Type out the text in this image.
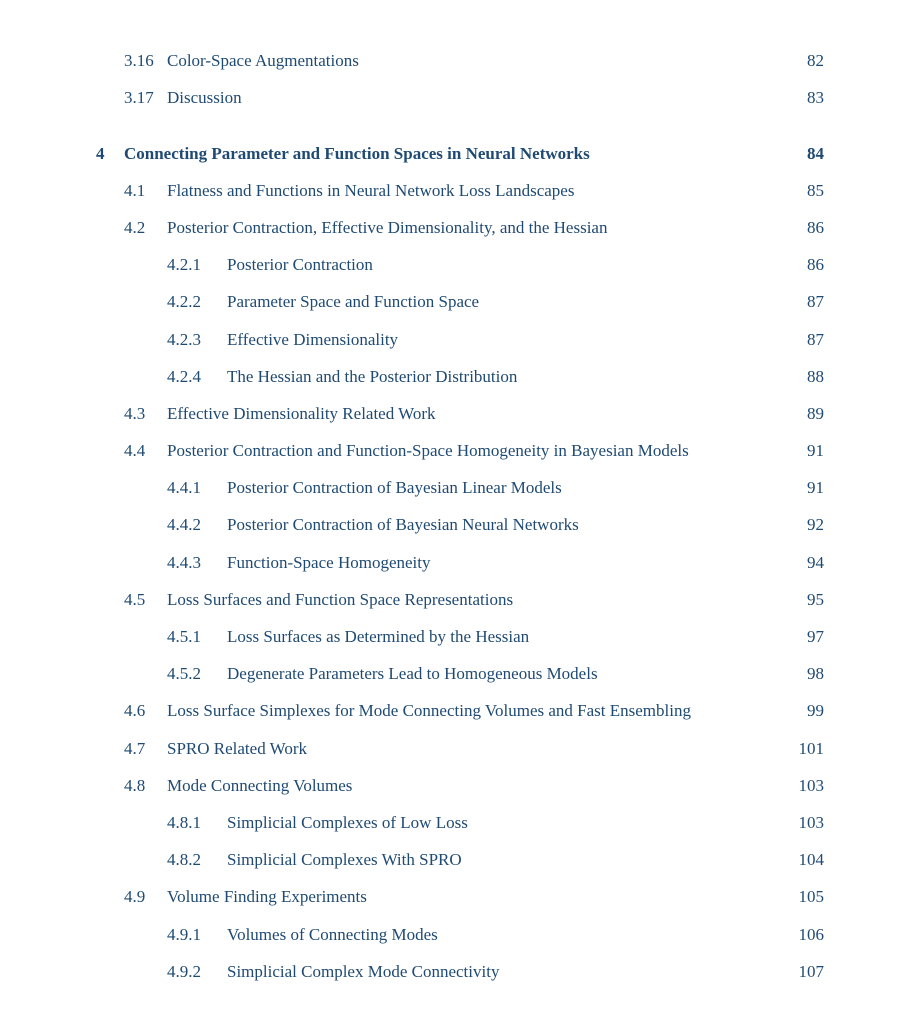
3.16 Color-Space Augmentations	82
3.17 Discussion	83
4 Connecting Parameter and Function Spaces in Neural Networks	84
4.1 Flatness and Functions in Neural Network Loss Landscapes	85
4.2 Posterior Contraction, Effective Dimensionality, and the Hessian	86
4.2.1 Posterior Contraction	86
4.2.2 Parameter Space and Function Space	87
4.2.3 Effective Dimensionality	87
4.2.4 The Hessian and the Posterior Distribution	88
4.3 Effective Dimensionality Related Work	89
4.4 Posterior Contraction and Function-Space Homogeneity in Bayesian Models	91
4.4.1 Posterior Contraction of Bayesian Linear Models	91
4.4.2 Posterior Contraction of Bayesian Neural Networks	92
4.4.3 Function-Space Homogeneity	94
4.5 Loss Surfaces and Function Space Representations	95
4.5.1 Loss Surfaces as Determined by the Hessian	97
4.5.2 Degenerate Parameters Lead to Homogeneous Models	98
4.6 Loss Surface Simplexes for Mode Connecting Volumes and Fast Ensembling	99
4.7 SPRO Related Work	101
4.8 Mode Connecting Volumes	103
4.8.1 Simplicial Complexes of Low Loss	103
4.8.2 Simplicial Complexes With SPRO	104
4.9 Volume Finding Experiments	105
4.9.1 Volumes of Connecting Modes	106
4.9.2 Simplicial Complex Mode Connectivity	107
